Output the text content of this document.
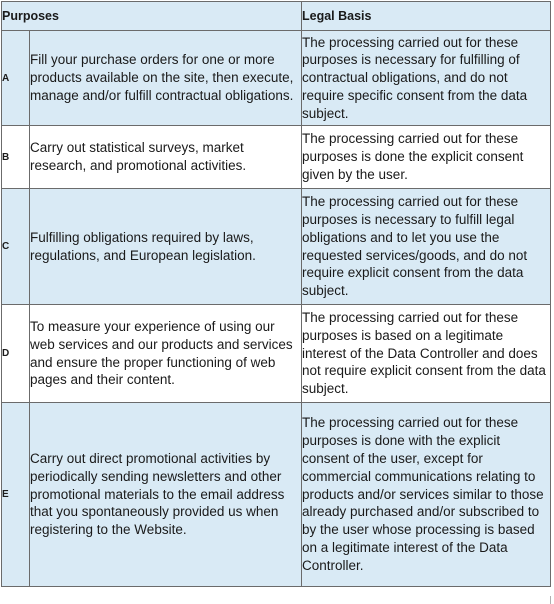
Purposes		Legal Basis
A	Fill your purchase orders for one or more products available on the site, then execute, manage and/or fulfill contractual obligations.	The processing carried out for these purposes is necessary for fulfilling of contractual obligations, and do not require specific consent from the data subject.
B	Carry out statistical surveys, market research, and promotional activities.	The processing carried out for these purposes is done the explicit consent given by the user.
C	Fulfilling obligations required by laws, regulations, and European legislation.	The processing carried out for these purposes is necessary to fulfill legal obligations and to let you use the requested services/goods, and do not require explicit consent from the data subject.
D	To measure your experience of using our web services and our products and services and ensure the proper functioning of web pages and their content.	The processing carried out for these purposes is based on a legitimate interest of the Data Controller and does not require explicit consent from the data subject.
E	Carry out direct promotional activities by periodically sending newsletters and other promotional materials to the email address that you spontaneously provided us when registering to the Website.	The processing carried out for these purposes is done with the explicit consent of the user, except for commercial communications relating to products and/or services similar to those already purchased and/or subscribed to by the user whose processing is based on a legitimate interest of the Data Controller.
